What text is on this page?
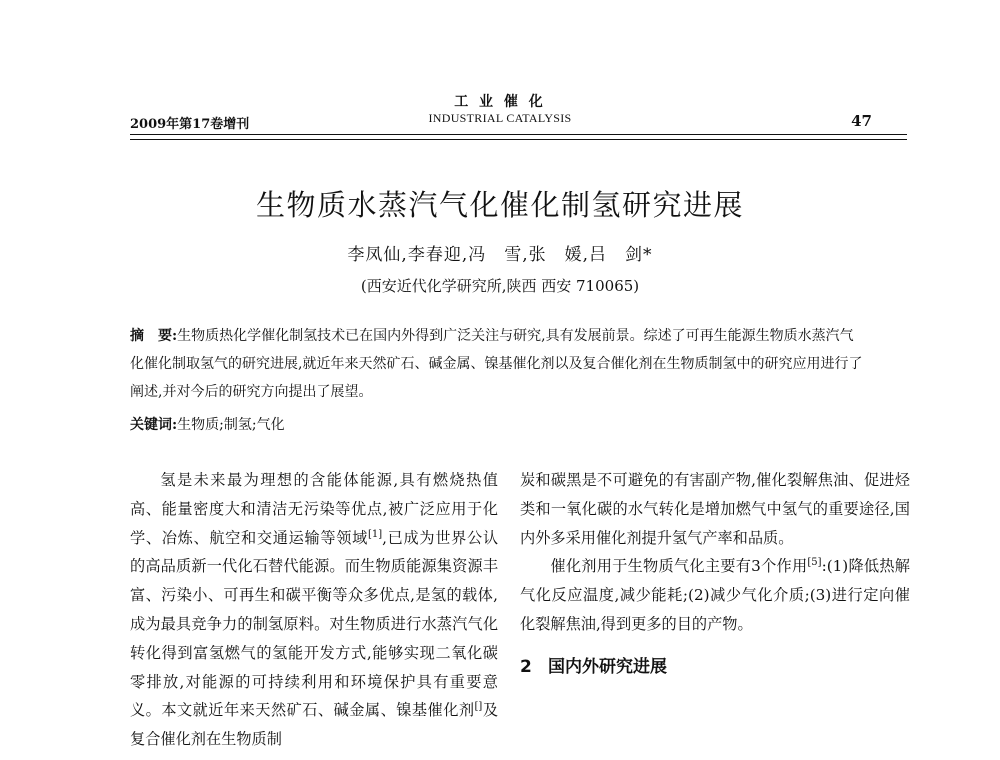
2009年第17卷增刊
工 业 催 化
INDUSTRIAL CATALYSIS	47
生物质水蒸汽气化催化制氢研究进展
李凤仙,李春迎,冯　雪,张　媛,吕　剑*
(西安近代化学研究所,陕西 西安 710065)
摘　要:生物质热化学催化制氢技术已在国内外得到广泛关注与研究,具有发展前景。综述了可再生能源生物质水蒸汽气化催化制取氢气的研究进展,就近年来天然矿石、碱金属、镍基催化剂以及复合催化剂在生物质制氢中的研究应用进行了阐述,并对今后的研究方向提出了展望。
关键词:生物质;制氢;气化

氢是未来最为理想的含能体能源,具有燃烧热值高、能量密度大和清洁无污染等优点,被广泛应用于化学、冶炼、航空和交通运输等领域[1],已成为世界公认的高品质新一代化石替代能源。而生物质能源集资源丰富、污染小、可再生和碳平衡等众多优点,是氢的载体,成为最具竞争力的制氢原料。对生物质进行水蒸汽气化转化得到富氢燃气的氢能开发方式,能够实现二氧化碳零排放,对能源的可持续利用和环境保护具有重要意义。本文就近年来天然矿石、碱金属、镍基催化剂[]及复合催化剂在生物质制

炭和碳黑是不可避免的有害副产物,催化裂解焦油、促进烃类和一氧化碳的水气转化是增加燃气中氢气的重要途径,国内外多采用催化剂提升氢气产率和品质。

催化剂用于生物质气化主要有3个作用[5]:(1)降低热解气化反应温度,减少能耗;(2)减少气化介质;(3)进行定向催化裂解焦油,得到更多的目的产物。

2 国内外研究进展
